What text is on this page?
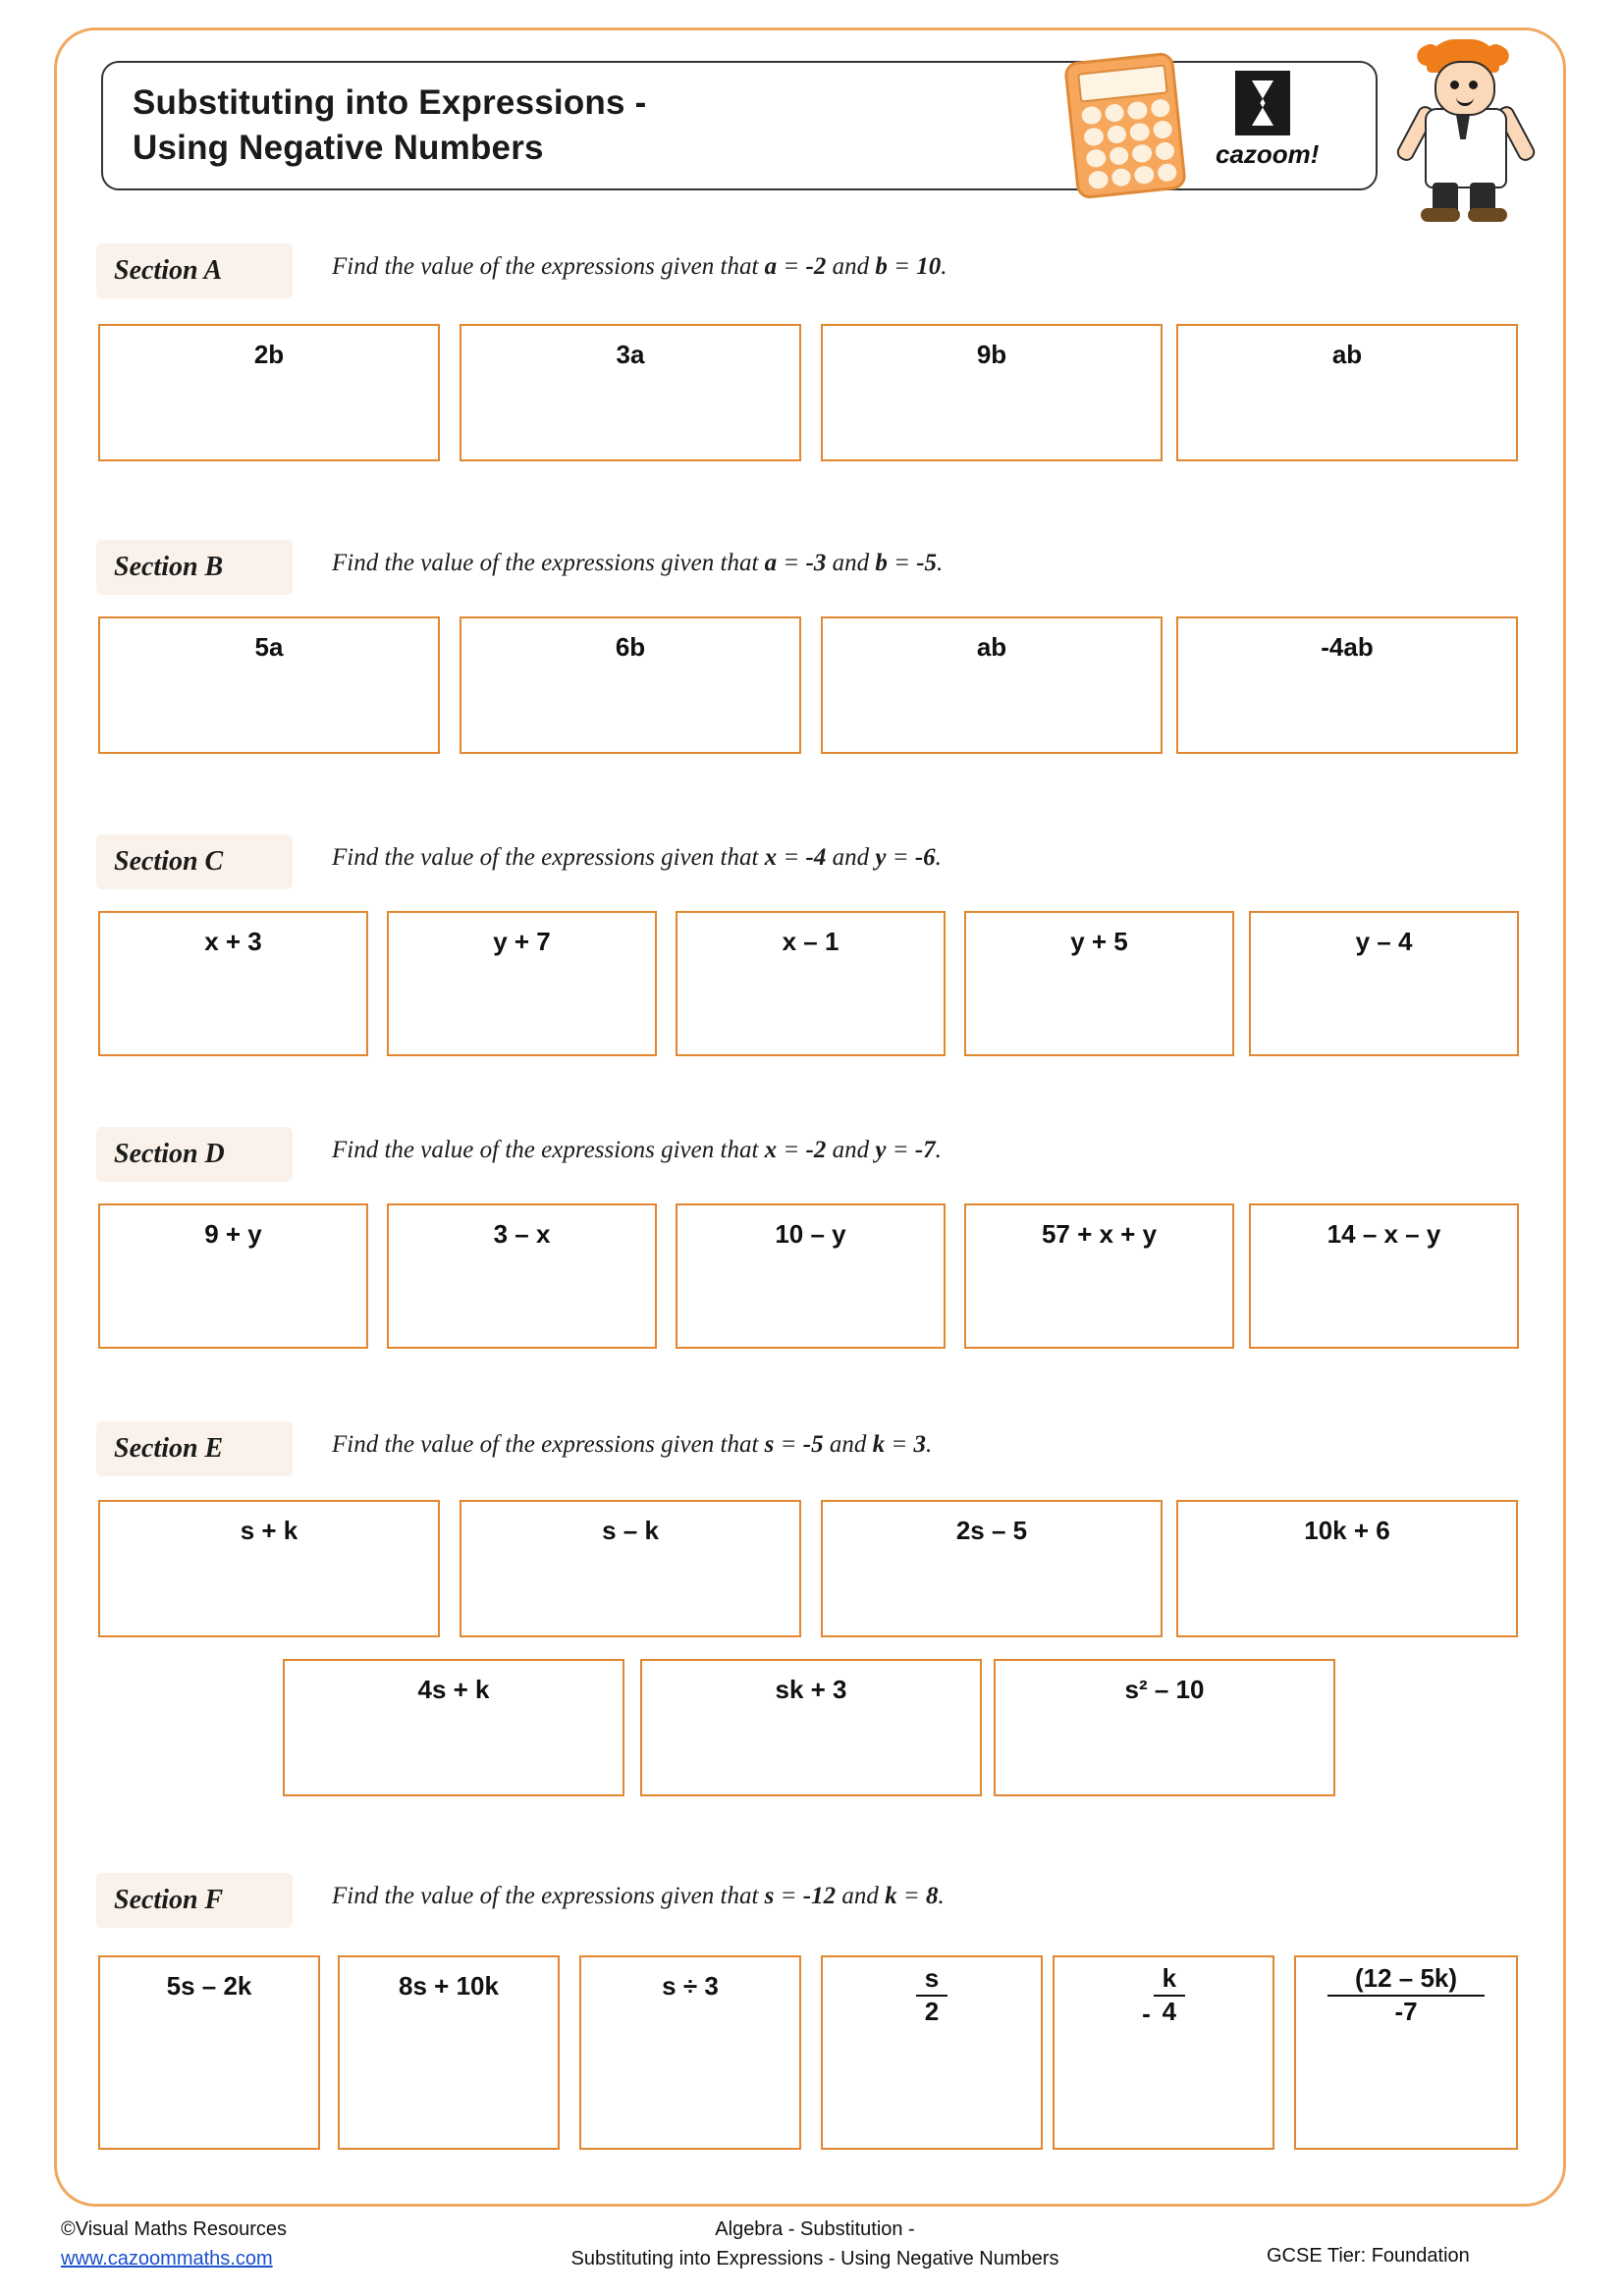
Substituting into Expressions -
Using Negative Numbers	cazoom!
Section A	Find the value of the expressions given that a = -2 and b = 10.
2b	3a	9b	ab
Section B	Find the value of the expressions given that a = -3 and b = -5.
5a	6b	ab	-4ab
Section C	Find the value of the expressions given that x = -4 and y = -6.
x + 3	y + 7	x – 1	y + 5	y – 4
Section D	Find the value of the expressions given that x = -2 and y = -7.
9 + y	3 – x	10 – y	57 + x + y	14 – x – y
Section E	Find the value of the expressions given that s = -5 and k = 3.
s + k	s – k	2s – 5	10k + 6
4s + k	sk + 3	s² – 10
Section F	Find the value of the expressions given that s = -12 and k = 8.
5s – 2k	8s + 10k	s ÷ 3	$\frac{s}{2}$	- $\frac{k}{4}$	$\frac{(12 - 5k)}{-7}$
©Visual Maths Resources
www.cazoommaths.com
Algebra - Substitution -
Substituting into Expressions - Using Negative Numbers	GCSE Tier: Foundation
